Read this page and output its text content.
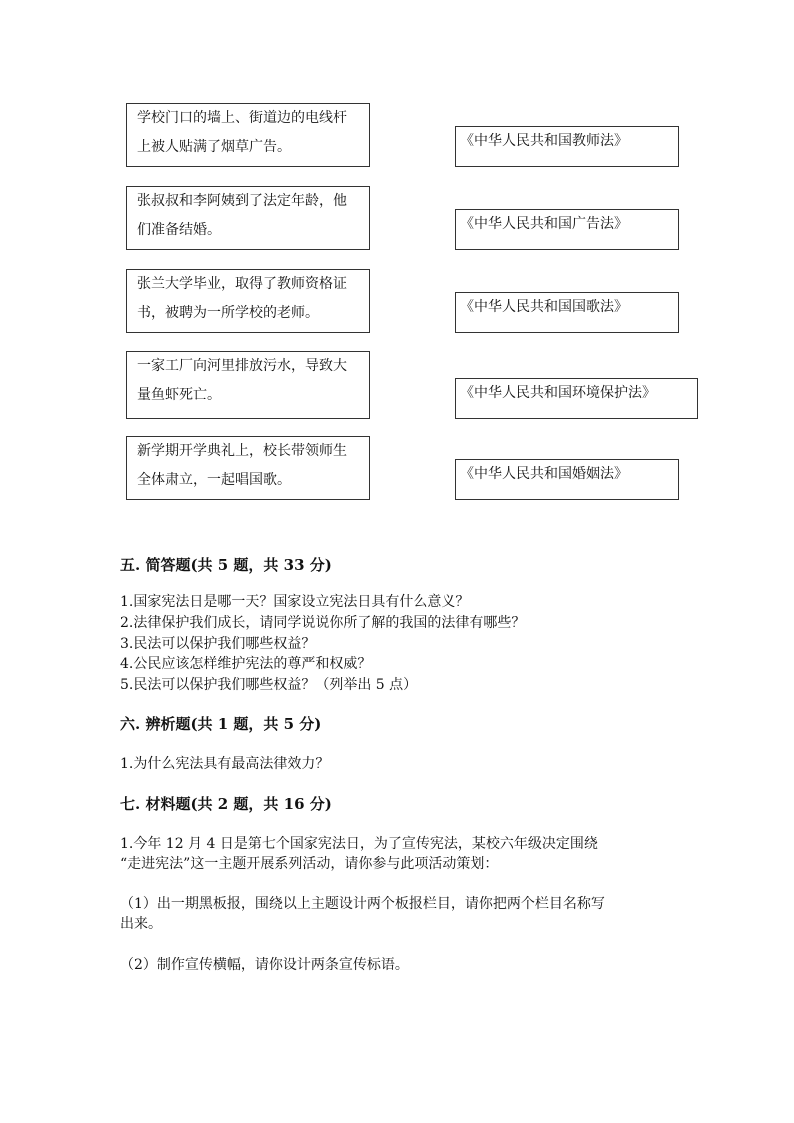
学校门口的墙上、街道边的电线杆上被人贴满了烟草广告。
张叔叔和李阿姨到了法定年龄，他们准备结婚。
张兰大学毕业，取得了教师资格证书，被聘为一所学校的老师。
一家工厂向河里排放污水，导致大量鱼虾死亡。
新学期开学典礼上，校长带领师生全体肃立，一起唱国歌。
《中华人民共和国教师法》
《中华人民共和国广告法》
《中华人民共和国国歌法》
《中华人民共和国环境保护法》
《中华人民共和国婚姻法》
五. 简答题(共 5 题，共 33 分)
1.国家宪法日是哪一天？国家设立宪法日具有什么意义？
2.法律保护我们成长，请同学说说你所了解的我国的法律有哪些？
3.民法可以保护我们哪些权益？
4.公民应该怎样维护宪法的尊严和权威？
5.民法可以保护我们哪些权益？（列举出 5 点）
六. 辨析题(共 1 题，共 5 分)
1.为什么宪法具有最高法律效力？
七. 材料题(共 2 题，共 16 分)
1.今年 12 月 4 日是第七个国家宪法日，为了宣传宪法，某校六年级决定围绕
“走进宪法”这一主题开展系列活动，请你参与此项活动策划：
（1）出一期黑板报，围绕以上主题设计两个板报栏目，请你把两个栏目名称写
出来。
（2）制作宣传横幅，请你设计两条宣传标语。
